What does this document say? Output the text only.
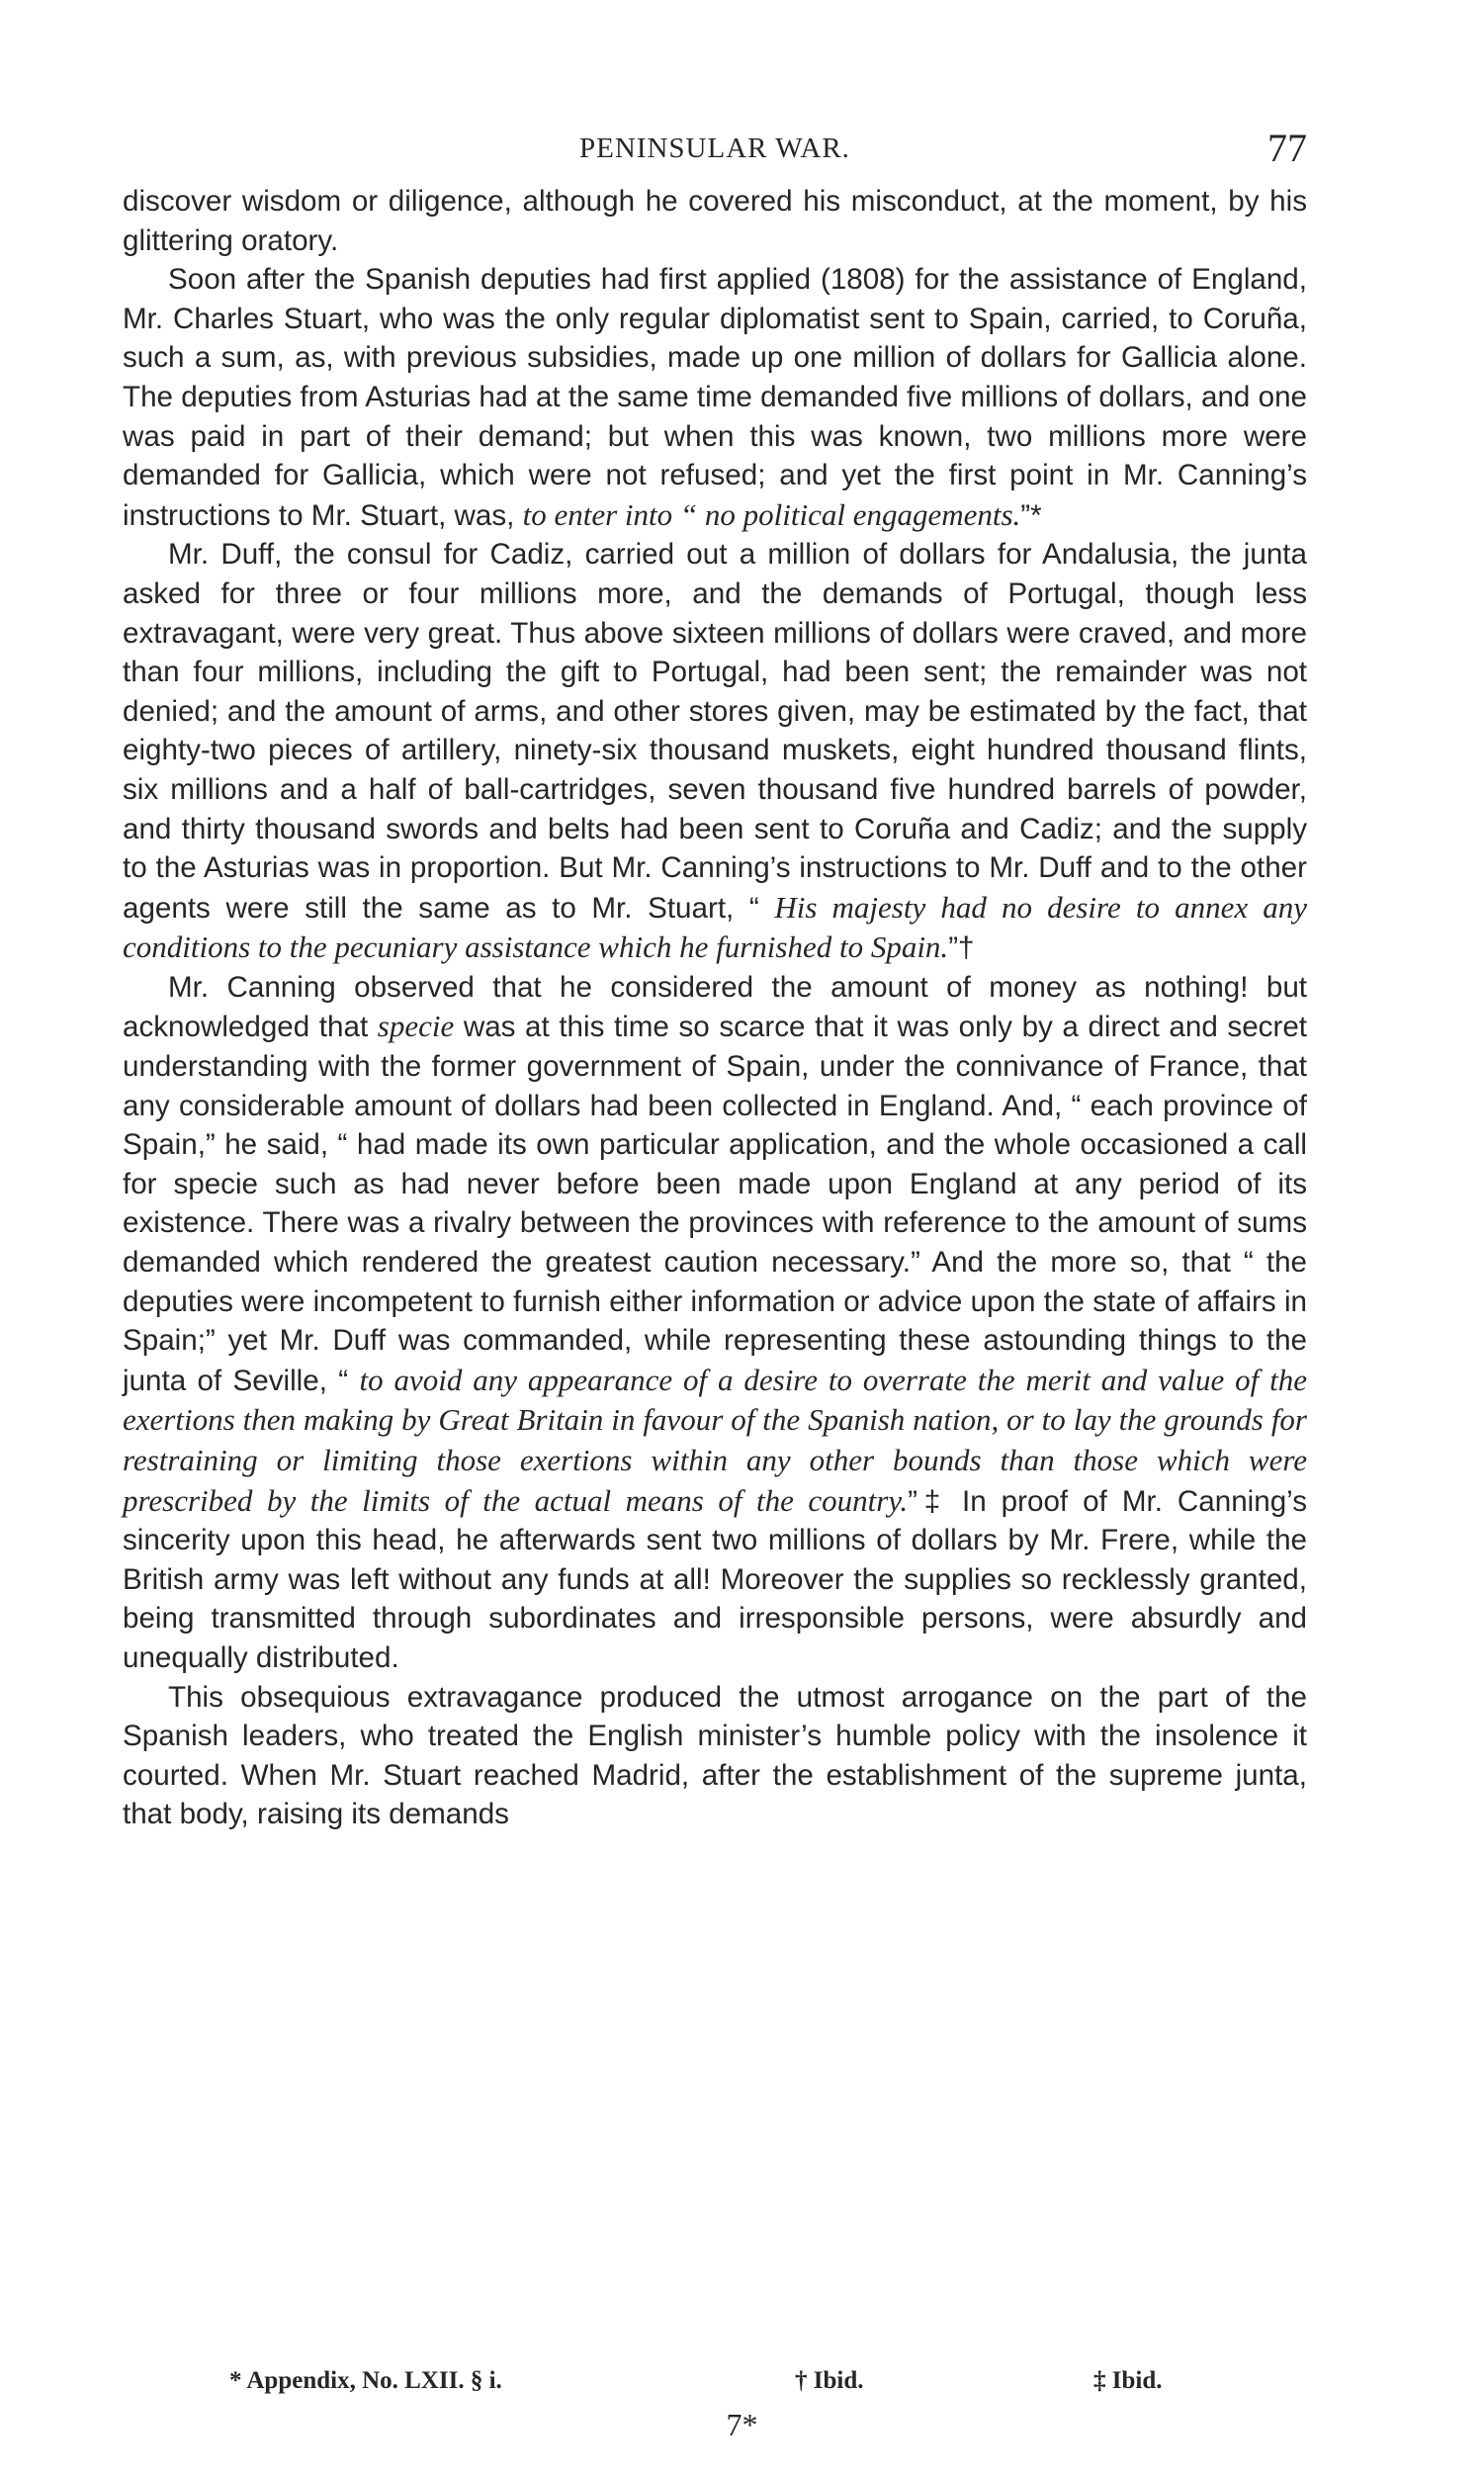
PENINSULAR WAR.	77

discover wisdom or diligence, although he covered his misconduct, at the moment, by his glittering oratory.

Soon after the Spanish deputies had first applied (1808) for the assistance of England, Mr. Charles Stuart, who was the only regular diplomatist sent to Spain, carried, to Coruña, such a sum, as, with previous subsidies, made up one million of dollars for Gallicia alone. The deputies from Asturias had at the same time demanded five millions of dollars, and one was paid in part of their demand; but when this was known, two millions more were demanded for Gallicia, which were not refused; and yet the first point in Mr. Canning’s instructions to Mr. Stuart, was, to enter into “ no political engagements.”*

Mr. Duff, the consul for Cadiz, carried out a million of dollars for Andalusia, the junta asked for three or four millions more, and the demands of Portugal, though less extravagant, were very great. Thus above sixteen millions of dollars were craved, and more than four millions, including the gift to Portugal, had been sent; the remainder was not denied; and the amount of arms, and other stores given, may be estimated by the fact, that eighty-two pieces of artillery, ninety-six thousand muskets, eight hundred thousand flints, six millions and a half of ball-cartridges, seven thousand five hundred barrels of powder, and thirty thousand swords and belts had been sent to Coruña and Cadiz; and the supply to the Asturias was in proportion. But Mr. Canning’s instructions to Mr. Duff and to the other agents were still the same as to Mr. Stuart, “ His majesty had no desire to annex any conditions to the pecuniary assistance which he furnished to Spain.”†

Mr. Canning observed that he considered the amount of money as nothing! but acknowledged that specie was at this time so scarce that it was only by a direct and secret understanding with the former government of Spain, under the connivance of France, that any considerable amount of dollars had been collected in England. And, “ each province of Spain,” he said, “ had made its own particular application, and the whole occasioned a call for specie such as had never before been made upon England at any period of its existence. There was a rivalry between the provinces with reference to the amount of sums demanded which rendered the greatest caution necessary.” And the more so, that “ the deputies were incompetent to furnish either information or advice upon the state of affairs in Spain;” yet Mr. Duff was commanded, while representing these astounding things to the junta of Seville, “ to avoid any appearance of a desire to overrate the merit and value of the exertions then making by Great Britain in favour of the Spanish nation, or to lay the grounds for restraining or limiting those exertions within any other bounds than those which were prescribed by the limits of the actual means of the country.”‡ In proof of Mr. Canning’s sincerity upon this head, he afterwards sent two millions of dollars by Mr. Frere, while the British army was left without any funds at all! Moreover the supplies so recklessly granted, being transmitted through subordinates and irresponsible persons, were absurdly and unequally distributed.

This obsequious extravagance produced the utmost arrogance on the part of the Spanish leaders, who treated the English minister’s humble policy with the insolence it courted. When Mr. Stuart reached Madrid, after the establishment of the supreme junta, that body, raising its demands

* Appendix, No. LXII. § i.	† Ibid.	‡ Ibid.
7*
